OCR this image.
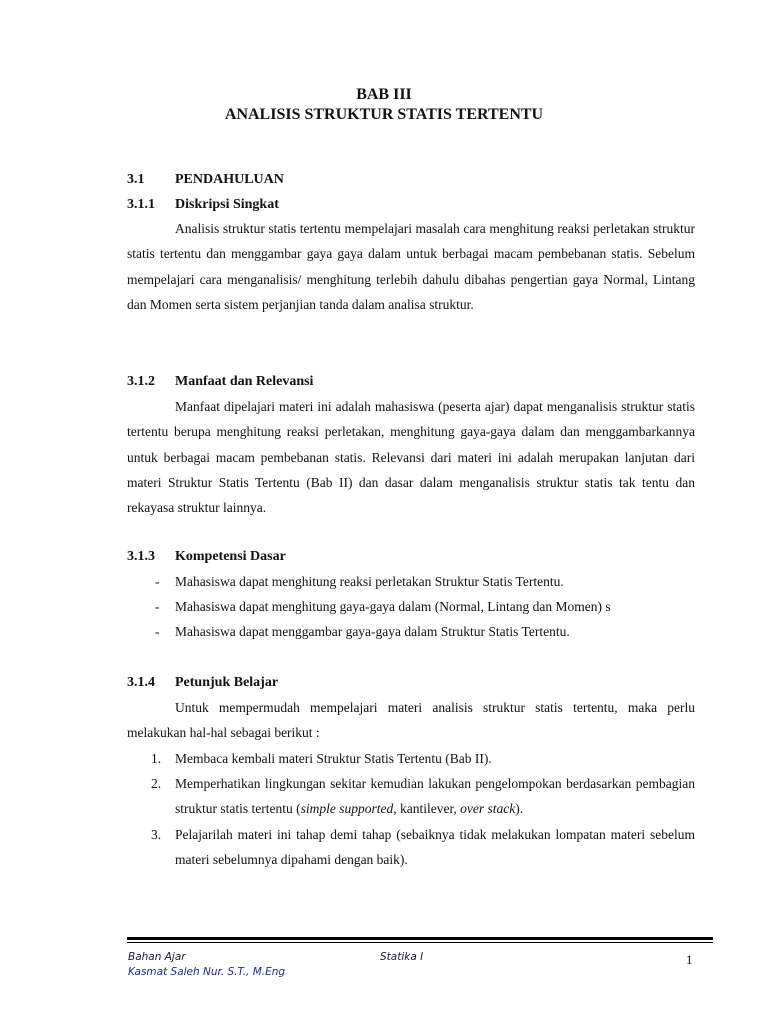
BAB III
ANALISIS STRUKTUR STATIS TERTENTU
3.1 PENDAHULUAN
3.1.1 Diskripsi Singkat

Analisis struktur statis tertentu mempelajari masalah cara menghitung reaksi perletakan struktur statis tertentu dan menggambar gaya gaya dalam untuk berbagai macam pembebanan statis. Sebelum mempelajari cara menganalisis/ menghitung terlebih dahulu dibahas pengertian gaya Normal, Lintang dan Momen serta sistem perjanjian tanda dalam analisa struktur.

3.1.2 Manfaat dan Relevansi

Manfaat dipelajari materi ini adalah mahasiswa (peserta ajar) dapat menganalisis struktur statis tertentu berupa menghitung reaksi perletakan, menghitung gaya-gaya dalam dan menggambarkannya untuk berbagai macam pembebanan statis. Relevansi dari materi ini adalah merupakan lanjutan dari materi Struktur Statis Tertentu (Bab II) dan dasar dalam menganalisis struktur statis tak tentu dan rekayasa struktur lainnya.

3.1.3 Kompetensi Dasar
- Mahasiswa dapat menghitung reaksi perletakan Struktur Statis Tertentu.
- Mahasiswa dapat menghitung gaya-gaya dalam (Normal, Lintang dan Momen) s
- Mahasiswa dapat menggambar gaya-gaya dalam Struktur Statis Tertentu.
3.1.4 Petunjuk Belajar

Untuk mempermudah mempelajari materi analisis struktur statis tertentu, maka perlu melakukan hal-hal sebagai berikut :

1. Membaca kembali materi Struktur Statis Tertentu (Bab II).

2. Memperhatikan lingkungan sekitar kemudian lakukan pengelompokan berdasarkan pembagian struktur statis tertentu (simple supported, kantilever, over stack).

3. Pelajarilah materi ini tahap demi tahap (sebaiknya tidak melakukan lompatan materi sebelum materi sebelumnya dipahami dengan baik).

Bahan Ajar
Kasmat Saleh Nur. S.T., M.Eng
Statika I	1
